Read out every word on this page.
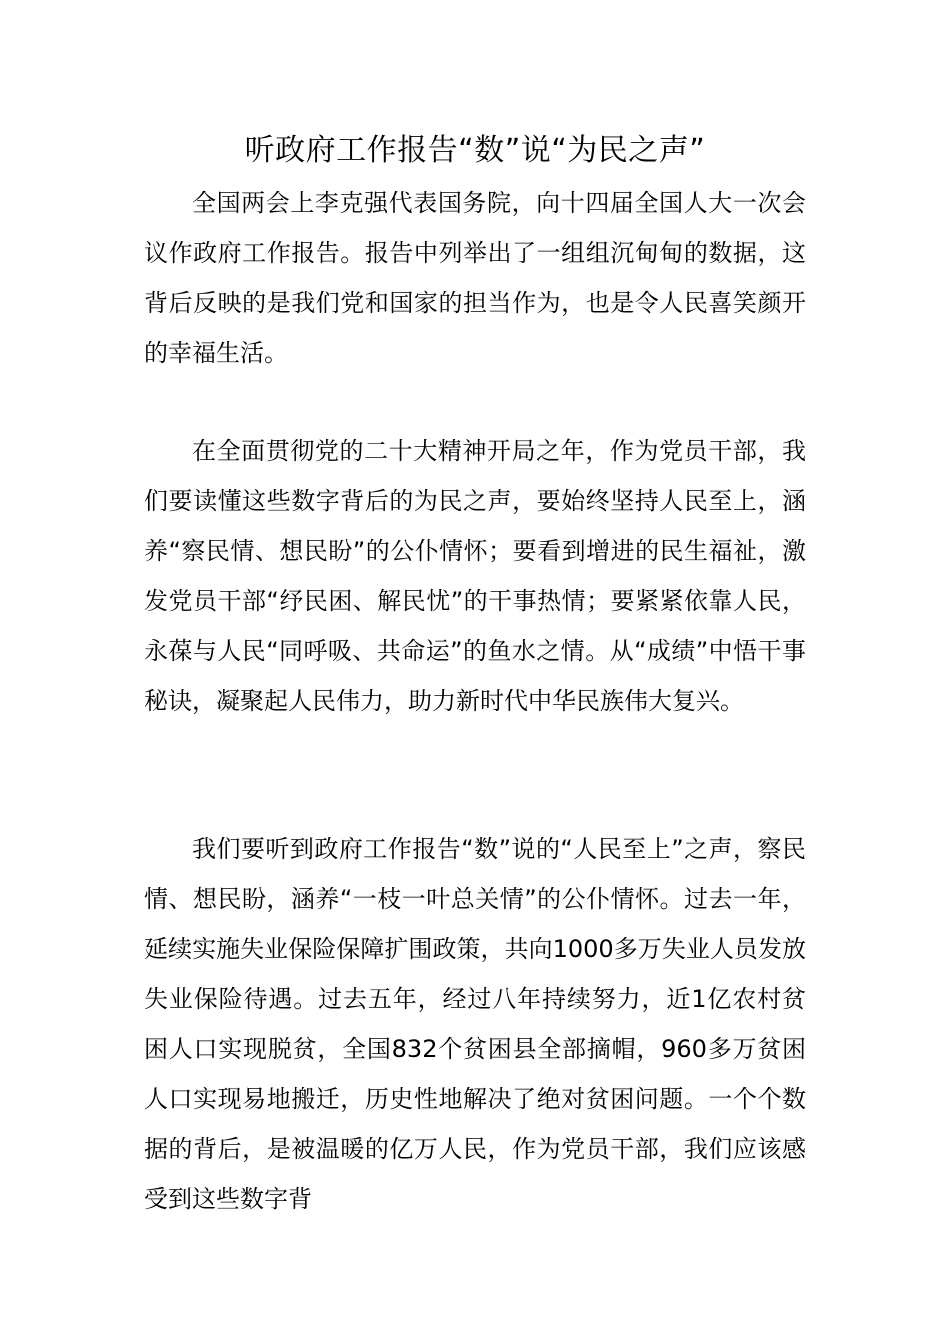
听政府工作报告“数”说“为民之声”

全国两会上李克强代表国务院，向十四届全国人大一次会议作政府工作报告。报告中列举出了一组组沉甸甸的数据，这背后反映的是我们党和国家的担当作为，也是令人民喜笑颜开的幸福生活。

在全面贯彻党的二十大精神开局之年，作为党员干部，我们要读懂这些数字背后的为民之声，要始终坚持人民至上，涵养“察民情、想民盼”的公仆情怀；要看到增进的民生福祉，激发党员干部“纾民困、解民忧”的干事热情；要紧紧依靠人民，永葆与人民“同呼吸、共命运”的鱼水之情。从“成绩”中悟干事秘诀，凝聚起人民伟力，助力新时代中华民族伟大复兴。

我们要听到政府工作报告“数”说的“人民至上”之声，察民情、想民盼，涵养“一枝一叶总关情”的公仆情怀。过去一年，延续实施失业保险保障扩围政策，共向1000多万失业人员发放失业保险待遇。过去五年，经过八年持续努力，近1亿农村贫困人口实现脱贫，全国832个贫困县全部摘帽，960多万贫困人口实现易地搬迁，历史性地解决了绝对贫困问题。一个个数据的背后，是被温暖的亿万人民，作为党员干部，我们应该感受到这些数字背
